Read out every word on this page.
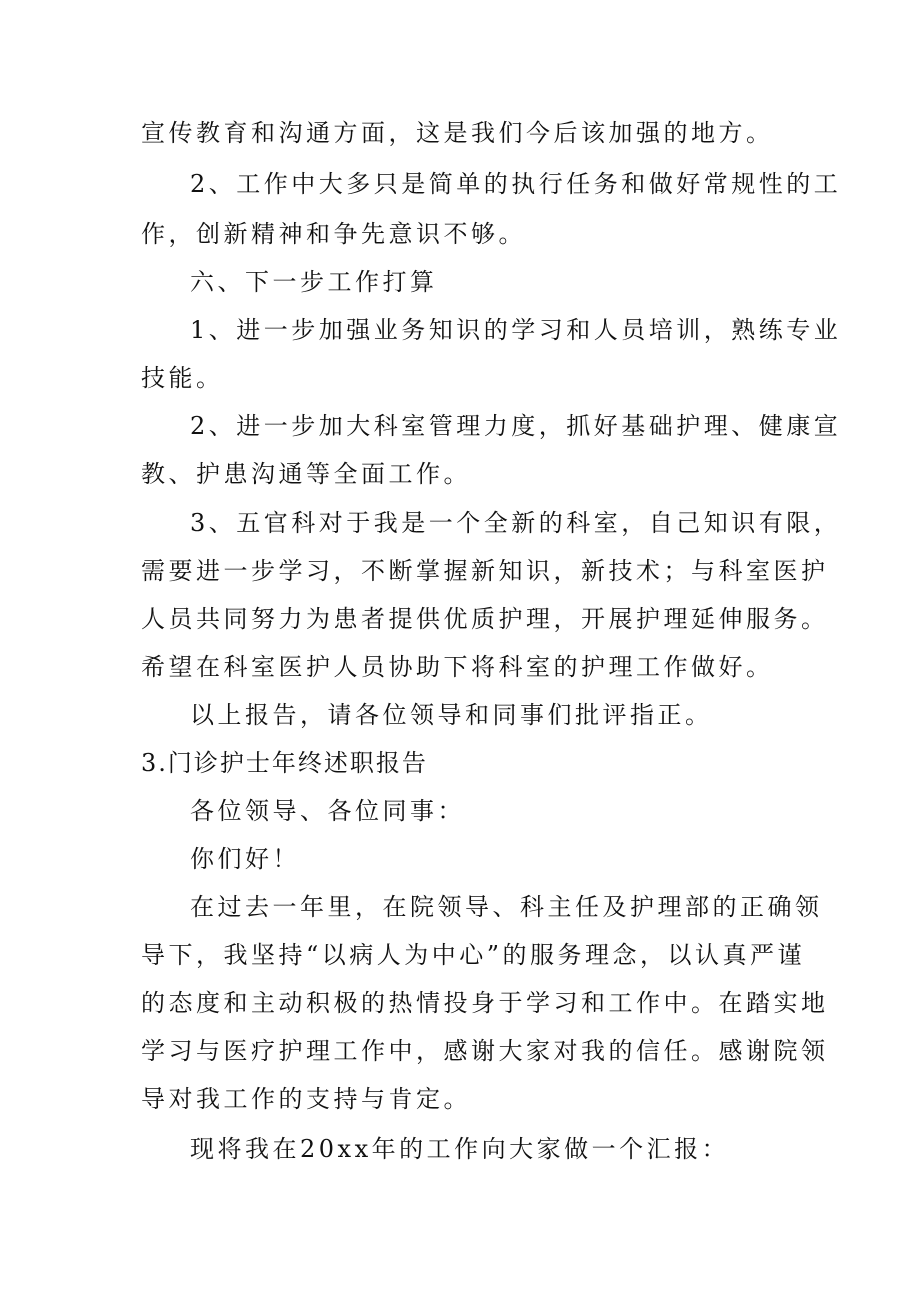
宣传教育和沟通方面，这是我们今后该加强的地方。
2、工作中大多只是简单的执行任务和做好常规性的工
作，创新精神和争先意识不够。
六、下一步工作打算
1、进一步加强业务知识的学习和人员培训，熟练专业
技能。
2、进一步加大科室管理力度，抓好基础护理、健康宣
教、护患沟通等全面工作。
3、五官科对于我是一个全新的科室，自己知识有限，
需要进一步学习，不断掌握新知识，新技术；与科室医护
人员共同努力为患者提供优质护理，开展护理延伸服务。
希望在科室医护人员协助下将科室的护理工作做好。
以上报告，请各位领导和同事们批评指正。
3.门诊护士年终述职报告
各位领导、各位同事：
你们好！
在过去一年里，在院领导、科主任及护理部的正确领
导下，我坚持“以病人为中心”的服务理念，以认真严谨
的态度和主动积极的热情投身于学习和工作中。在踏实地
学习与医疗护理工作中，感谢大家对我的信任。感谢院领
导对我工作的支持与肯定。
现将我在20xx年的工作向大家做一个汇报：
